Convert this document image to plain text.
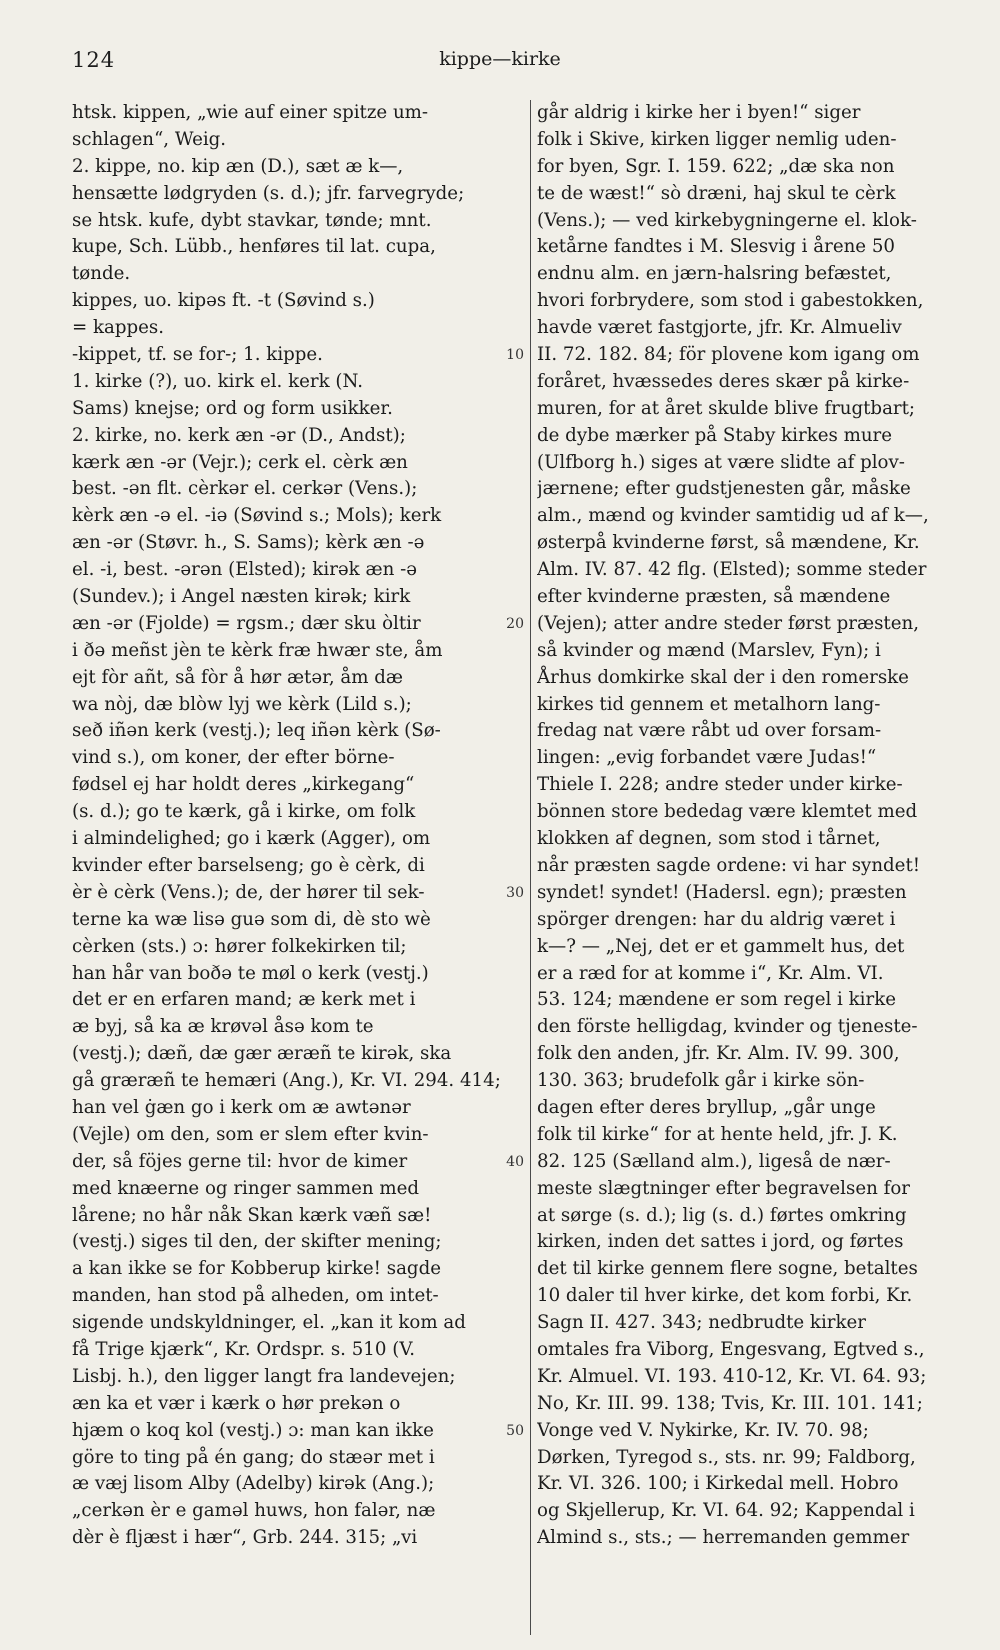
124	kippe—kirke
htsk. kippen, „wie auf einer spitze um-
schlagen“, Weig.
2. kippe, no. kip æn (D.), sæt æ k—,
hensætte lødgryden (s. d.); jfr. farvegryde;
se htsk. kufe, dybt stavkar, tønde; mnt.
kupe, Sch. Lübb., henføres til lat. cupa,
tønde.
kippes, uo. kipəs ft. -t (Søvind s.)
= kappes.
-kippet, tf. se for-; 1. kippe.
1. kirke (?), uo. kirk el. kerk (N.
Sams) knejse; ord og form usikker.
2. kirke, no. kerk æn -ər (D., Andst);
kærk æn -ər (Vejr.); cerk el. cèrk æn
best. -ən flt. cèrkər el. cerkər (Vens.);
kèrk æn -ə el. -iə (Søvind s.; Mols); kerk
æn -ər (Støvr. h., S. Sams); kèrk æn -ə
el. -i, best. -ərən (Elsted); kirək æn -ə
(Sundev.); i Angel næsten kirək; kirk
æn -ər (Fjolde) = rgsm.; dær sku òltir
i ðə meñst jèn te kèrk fræ hwær ste, åm
ejt fòr añt, så fòr å hør ætər, åm dæ
wa nòj, dæ blòw lyj we kèrk (Lild s.);
seð iñən kerk (vestj.); leq iñən kèrk (Sø-
vind s.), om koner, der efter börne-
fødsel ej har holdt deres „kirkegang“
(s. d.); go te kærk, gå i kirke, om folk
i almindelighed; go i kærk (Agger), om
kvinder efter barselseng; go è cèrk, di
èr è cèrk (Vens.); de, der hører til sek-
terne ka wæ lisə guə som di, dè sto wè
cèrken (sts.) ɔ: hører folkekirken til;
han hår van boðə te møl o kerk (vestj.)
det er en erfaren mand; æ kerk met i
æ byj, så ka æ krøvəl åsə kom te
(vestj.); dæñ, dæ gær æræñ te kirək, ska
gå græræñ te hemæri (Ang.), Kr. VI. 294. 414;
han vel ġæn go i kerk om æ awtənər
(Vejle) om den, som er slem efter kvin-
der, så föjes gerne til: hvor de kimer
med knæerne og ringer sammen med
lårene; no hår nåk Skan kærk væñ sæ!
(vestj.) siges til den, der skifter mening;
a kan ikke se for Kobberup kirke! sagde
manden, han stod på alheden, om intet-
sigende undskyldninger, el. „kan it kom ad
få Trige kjærk“, Kr. Ordspr. s. 510 (V.
Lisbj. h.), den ligger langt fra landevejen;
æn ka et vær i kærk o hør prekən o
hjæm o koq kol (vestj.) ɔ: man kan ikke
göre to ting på én gang; do stæər met i
æ væj lisom Alby (Adelby) kirək (Ang.);
„cerkən èr e gaməl huws, hon falər, næ
dèr è fljæst i hær“, Grb. 244. 315; „vi
går aldrig i kirke her i byen!“ siger
folk i Skive, kirken ligger nemlig uden-
for byen, Sgr. I. 159. 622; „dæ ska non
te de wæst!“ sò dræni, haj skul te cèrk
(Vens.); — ved kirkebygningerne el. klok-
ketårne fandtes i M. Slesvig i årene 50
endnu alm. en jærn-halsring befæstet,
hvori forbrydere, som stod i gabestokken,
havde været fastgjorte, jfr. Kr. Almueliv
II. 72. 182. 84; för plovene kom igang om
foråret, hvæssedes deres skær på kirke-
muren, for at året skulde blive frugtbart;
de dybe mærker på Staby kirkes mure
(Ulfborg h.) siges at være slidte af plov-
jærnene; efter gudstjenesten går, måske
alm., mænd og kvinder samtidig ud af k—,
østerpå kvinderne først, så mændene, Kr.
Alm. IV. 87. 42 flg. (Elsted); somme steder
efter kvinderne præsten, så mændene
(Vejen); atter andre steder først præsten,
så kvinder og mænd (Marslev, Fyn); i
Århus domkirke skal der i den romerske
kirkes tid gennem et metalhorn lang-
fredag nat være råbt ud over forsam-
lingen: „evig forbandet være Judas!“
Thiele I. 228; andre steder under kirke-
bönnen store bededag være klemtet med
klokken af degnen, som stod i tårnet,
når præsten sagde ordene: vi har syndet!
syndet! syndet! (Hadersl. egn); præsten
spörger drengen: har du aldrig været i
k—? — „Nej, det er et gammelt hus, det
er a ræd for at komme i“, Kr. Alm. VI.
53. 124; mændene er som regel i kirke
den förste helligdag, kvinder og tjeneste-
folk den anden, jfr. Kr. Alm. IV. 99. 300,
130. 363; brudefolk går i kirke sön-
dagen efter deres bryllup, „går unge
folk til kirke“ for at hente held, jfr. J. K.
82. 125 (Sælland alm.), ligeså de nær-
meste slægtninger efter begravelsen for
at sørge (s. d.); lig (s. d.) førtes omkring
kirken, inden det sattes i jord, og førtes
det til kirke gennem flere sogne, betaltes
10 daler til hver kirke, det kom forbi, Kr.
Sagn II. 427. 343; nedbrudte kirker
omtales fra Viborg, Engesvang, Egtved s.,
Kr. Almuel. VI. 193. 410-12, Kr. VI. 64. 93;
No, Kr. III. 99. 138; Tvis, Kr. III. 101. 141;
Vonge ved V. Nykirke, Kr. IV. 70. 98;
Dørken, Tyregod s., sts. nr. 99; Faldborg,
Kr. VI. 326. 100; i Kirkedal mell. Hobro
og Skjellerup, Kr. VI. 64. 92; Kappendal i
Almind s., sts.; — herremanden gemmer
10
20
30
40
50
